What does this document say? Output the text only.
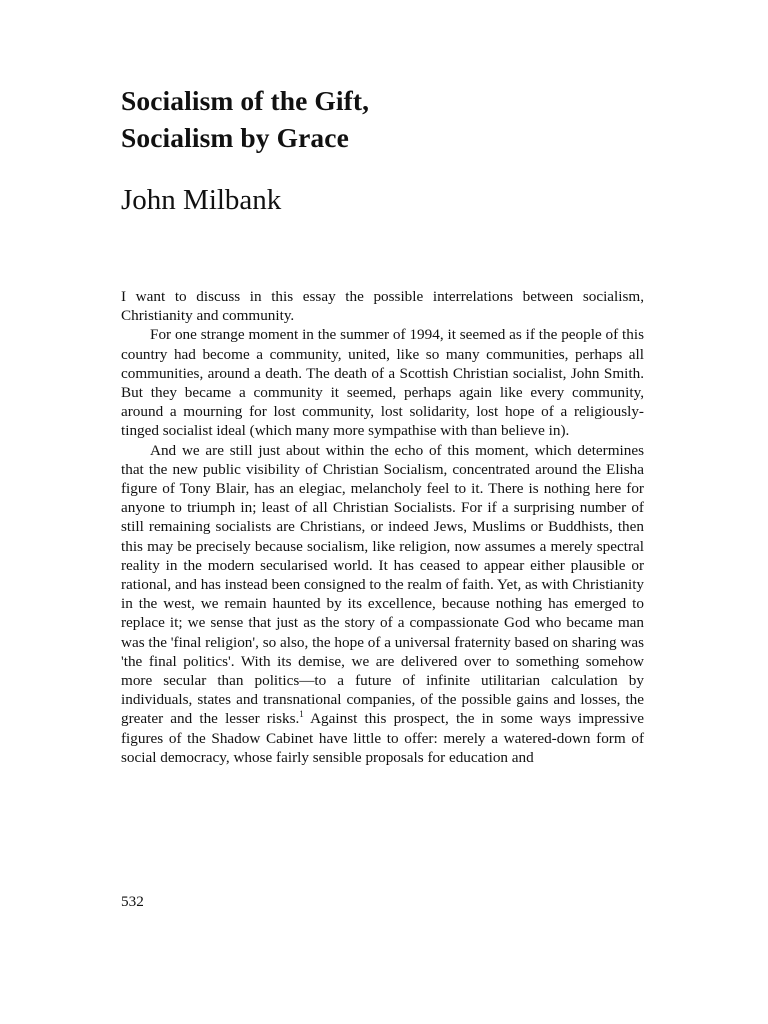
Socialism of the Gift,
Socialism by Grace
John Milbank

I want to discuss in this essay the possible interrelations between socialism, Christianity and community.

For one strange moment in the summer of 1994, it seemed as if the people of this country had become a community, united, like so many communities, perhaps all communities, around a death. The death of a Scottish Christian socialist, John Smith. But they became a community it seemed, perhaps again like every community, around a mourning for lost community, lost solidarity, lost hope of a religiously-tinged socialist ideal (which many more sympathise with than believe in).

And we are still just about within the echo of this moment, which determines that the new public visibility of Christian Socialism, concentrated around the Elisha figure of Tony Blair, has an elegiac, melancholy feel to it. There is nothing here for anyone to triumph in; least of all Christian Socialists. For if a surprising number of still remaining socialists are Christians, or indeed Jews, Muslims or Buddhists, then this may be precisely because socialism, like religion, now assumes a merely spectral reality in the modern secularised world. It has ceased to appear either plausible or rational, and has instead been consigned to the realm of faith. Yet, as with Christianity in the west, we remain haunted by its excellence, because nothing has emerged to replace it; we sense that just as the story of a compassionate God who became man was the 'final religion', so also, the hope of a universal fraternity based on sharing was 'the final politics'. With its demise, we are delivered over to something somehow more secular than politics—to a future of infinite utilitarian calculation by individuals, states and transnational companies, of the possible gains and losses, the greater and the lesser risks.$^1$ Against this prospect, the in some ways impressive figures of the Shadow Cabinet have little to offer: merely a watered-down form of social democracy, whose fairly sensible proposals for education and

532
